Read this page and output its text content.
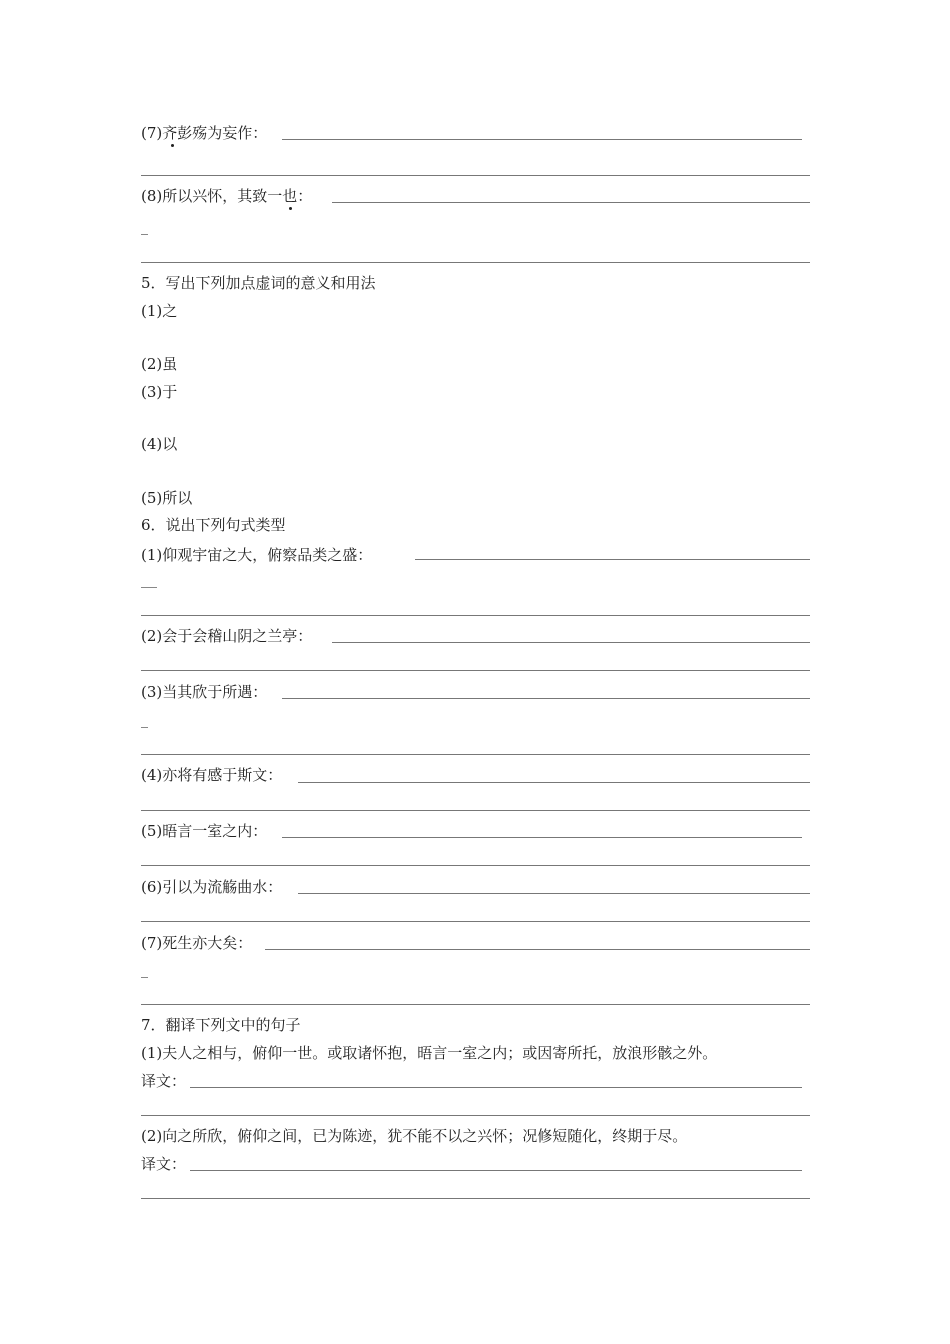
(7)齐彭殇为妄作：
(8)所以兴怀，其致一也：
5．写出下列加点虚词的意义和用法
(1)之
(2)虽
(3)于
(4)以
(5)所以
6．说出下列句式类型
(1)仰观宇宙之大，俯察品类之盛：
(2)会于会稽山阴之兰亭：
(3)当其欣于所遇：
(4)亦将有感于斯文：
(5)晤言一室之内：
(6)引以为流觞曲水：
(7)死生亦大矣：
7．翻译下列文中的句子
(1)夫人之相与，俯仰一世。或取诸怀抱，晤言一室之内；或因寄所托，放浪形骸之外。
译文：
(2)向之所欣，俯仰之间，已为陈迹，犹不能不以之兴怀；况修短随化，终期于尽。
译文：
